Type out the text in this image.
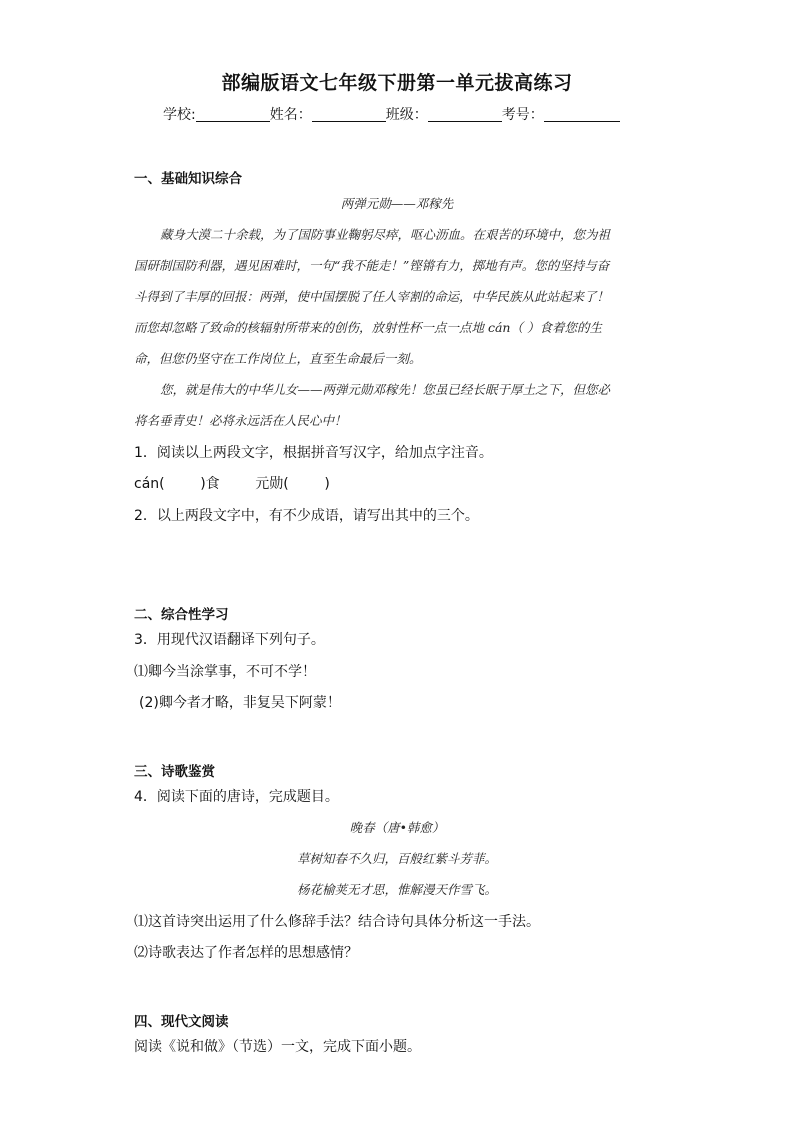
部编版语文七年级下册第一单元拔高练习
学校:	姓名：	班级：	考号：
一、基础知识综合
两弹元勋——邓稼先
藏身大漠二十余载，为了国防事业鞠躬尽瘁，呕心沥血。在艰苦的环境中，您为祖
国研制国防利器，遇见困难时，一句“我不能走！”铿锵有力，掷地有声。您的坚持与奋
斗得到了丰厚的回报：两弹，使中国摆脱了任人宰割的命运，中华民族从此站起来了！
而您却忽略了致命的核辐射所带来的创伤，放射性杯一点一点地 cán（ ）食着您的生
命，但您仍坚守在工作岗位上，直至生命最后一刻。
您，就是伟大的中华儿女——两弹元勋邓稼先！您虽已经长眠于厚土之下，但您必
将名垂青史！必将永远活在人民心中！
1．阅读以上两段文字，根据拼音写汉字，给加点字注音。
cán(        )食        元勋(        )
2．以上两段文字中，有不少成语，请写出其中的三个。
二、综合性学习
3．用现代汉语翻译下列句子。
⑴卿今当涂掌事，不可不学！
(2)卿今者才略，非复吴下阿蒙！
三、诗歌鉴赏
4．阅读下面的唐诗，完成题目。
晚春（唐•韩愈）
草树知春不久归，百般红紫斗芳菲。
杨花榆荚无才思，惟解漫天作雪飞。
⑴这首诗突出运用了什么修辞手法？结合诗句具体分析这一手法。
⑵诗歌表达了作者怎样的思想感情？
四、现代文阅读
阅读《说和做》（节选）一文，完成下面小题。
